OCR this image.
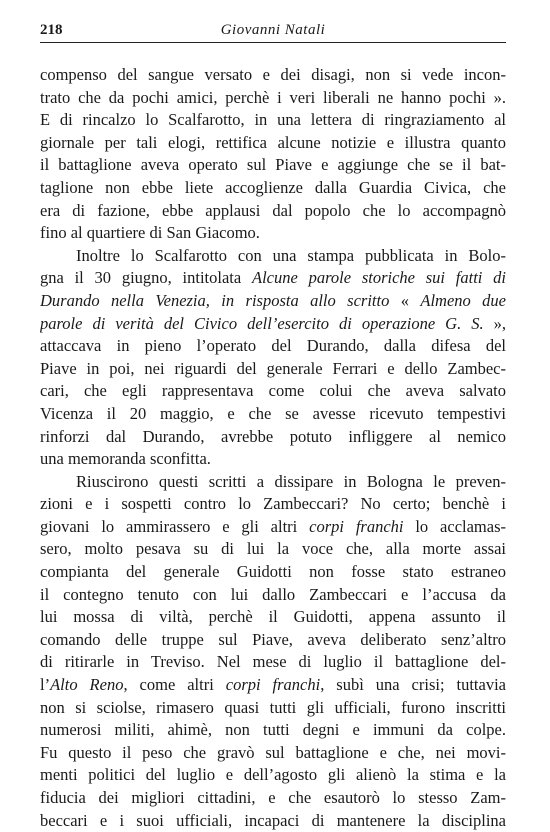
218	Giovanni Natali
compenso del sangue versato e dei disagi, non si vede incon-
trato che da pochi amici, perchè i veri liberali ne hanno pochi ».
E di rincalzo lo Scalfarotto, in una lettera di ringraziamento al
giornale per tali elogi, rettifica alcune notizie e illustra quanto
il battaglione aveva operato sul Piave e aggiunge che se il bat-
taglione non ebbe liete accoglienze dalla Guardia Civica, che
era di fazione, ebbe applausi dal popolo che lo accompagnò
fino al quartiere di San Giacomo.
Inoltre lo Scalfarotto con una stampa pubblicata in Bolo-
gna il 30 giugno, intitolata Alcune parole storiche sui fatti di
Durando nella Venezia, in risposta allo scritto « Almeno due
parole di verità del Civico dell’esercito di operazione G. S. »,
attaccava in pieno l’operato del Durando, dalla difesa del
Piave in poi, nei riguardi del generale Ferrari e dello Zambec-
cari, che egli rappresentava come colui che aveva salvato
Vicenza il 20 maggio, e che se avesse ricevuto tempestivi
rinforzi dal Durando, avrebbe potuto infliggere al nemico
una memoranda sconfitta.
Riuscirono questi scritti a dissipare in Bologna le preven-
zioni e i sospetti contro lo Zambeccari? No certo; benchè i
giovani lo ammirassero e gli altri corpi franchi lo acclamas-
sero, molto pesava su di lui la voce che, alla morte assai
compianta del generale Guidotti non fosse stato estraneo
il contegno tenuto con lui dallo Zambeccari e l’accusa da
lui mossa di viltà, perchè il Guidotti, appena assunto il
comando delle truppe sul Piave, aveva deliberato senz’altro
di ritirarle in Treviso. Nel mese di luglio il battaglione del-
l’Alto Reno, come altri corpi franchi, subì una crisi; tuttavia
non si sciolse, rimasero quasi tutti gli ufficiali, furono inscritti
numerosi militi, ahimè, non tutti degni e immuni da colpe.
Fu questo il peso che gravò sul battaglione e che, nei movi-
menti politici del luglio e dell’agosto gli alienò la stima e la
fiducia dei migliori cittadini, e che esautorò lo stesso Zam-
beccari e i suoi ufficiali, incapaci di mantenere la disciplina
